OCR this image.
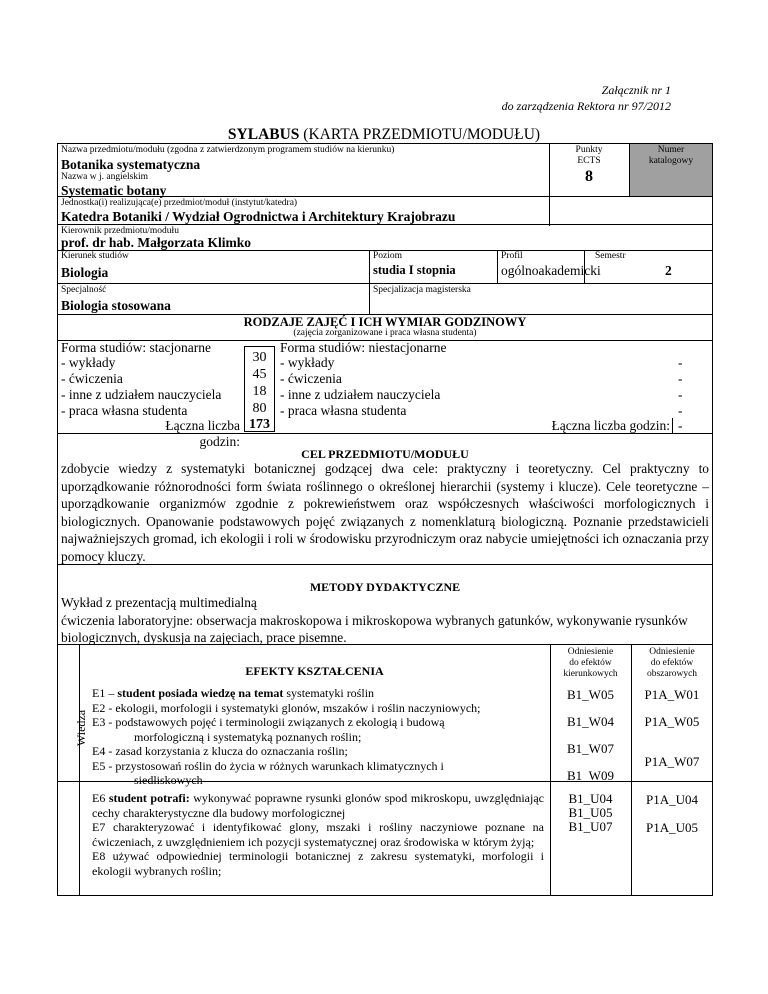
Załącznik nr 1
do zarządzenia Rektora nr 97/2012
SYLABUS (KARTA PRZEDMIOTU/MODUŁU)
Nazwa przedmiotu/modułu (zgodna z zatwierdzonym programem studiów na kierunku)
Botanika systematyczna
Nazwa w j. angielskim
Systematic botany
Punkty
ECTS
8
Numer
katalogowy
Jednostka(i) realizująca(e) przedmiot/moduł (instytut/katedra)
Katedra Botaniki / Wydział Ogrodnictwa i Architektury Krajobrazu
Kierownik przedmiotu/modułu
prof. dr hab. Małgorzata Klimko
Kierunek studiów
Biologia
Poziom
studia I stopnia
Profil
ogólnoakademicki
Semestr
2
Specjalność
Biologia stosowana
Specjalizacja magisterska
RODZAJE ZAJĘĆ I ICH WYMIAR GODZINOWY
(zajęcia zorganizowane i praca własna studenta)
Forma studiów: stacjonarne	Forma studiów: niestacjonarne
- wykłady
- ćwiczenia
- inne z udziałem nauczyciela
- praca własna studenta
Łączna liczba godzin:
30
45
18
80
173
- wykłady
- ćwiczenia
- inne z udziałem nauczyciela
- praca własna studenta
Łączna liczba godzin:
-
-
-
-
-
CEL PRZEDMIOTU/MODUŁU
zdobycie wiedzy z systematyki botanicznej godzącej dwa cele: praktyczny i teoretyczny. Cel praktyczny to uporządkowanie różnorodności form świata roślinnego o określonej hierarchii (systemy i klucze). Cele teoretyczne – uporządkowanie organizmów zgodnie z pokrewieństwem oraz współczesnych właściwości morfologicznych i biologicznych. Opanowanie podstawowych pojęć związanych z nomenklaturą biologiczną. Poznanie przedstawicieli najważniejszych gromad, ich ekologii i roli w środowisku przyrodniczym oraz nabycie umiejętności ich oznaczania przy pomocy kluczy.
METODY DYDAKTYCZNE
Wykład z prezentacją multimedialną
ćwiczenia laboratoryjne: obserwacja makroskopowa i mikroskopowa wybranych gatunków, wykonywanie rysunków biologicznych, dyskusja na zajęciach, prace pisemne.
EFEKTY KSZTAŁCENIA
Odniesienie
do efektów
kierunkowych
Odniesienie
do efektów
obszarowych
Wiedza
E1 – student posiada wiedzę na temat systematyki roślin
E2 - ekologii, morfologii i systematyki glonów, mszaków i roślin naczyniowych;
E3 - podstawowych pojęć i terminologii związanych z ekologią i budową
morfologiczną i systematyką poznanych roślin;
E4 - zasad korzystania z klucza do oznaczania roślin;
E5 - przystosowań roślin do życia w różnych warunkach klimatycznych i
siedliskowych
B1_W05
B1_W04
B1_W07
B1_W09
P1A_W01
P1A_W05
P1A_W07
E6 student potrafi: wykonywać poprawne rysunki glonów spod mikroskopu, uwzględniając cechy charakterystyczne dla budowy morfologicznej
E7 charakteryzować i identyfikować glony, mszaki i rośliny naczyniowe poznane na ćwiczeniach, z uwzględnieniem ich pozycji systematycznej oraz środowiska w którym żyją;
E8 używać odpowiedniej terminologii botanicznej z zakresu systematyki, morfologii i ekologii wybranych roślin;
B1_U04
B1_U05
B1_U07
P1A_U04
P1A_U05
